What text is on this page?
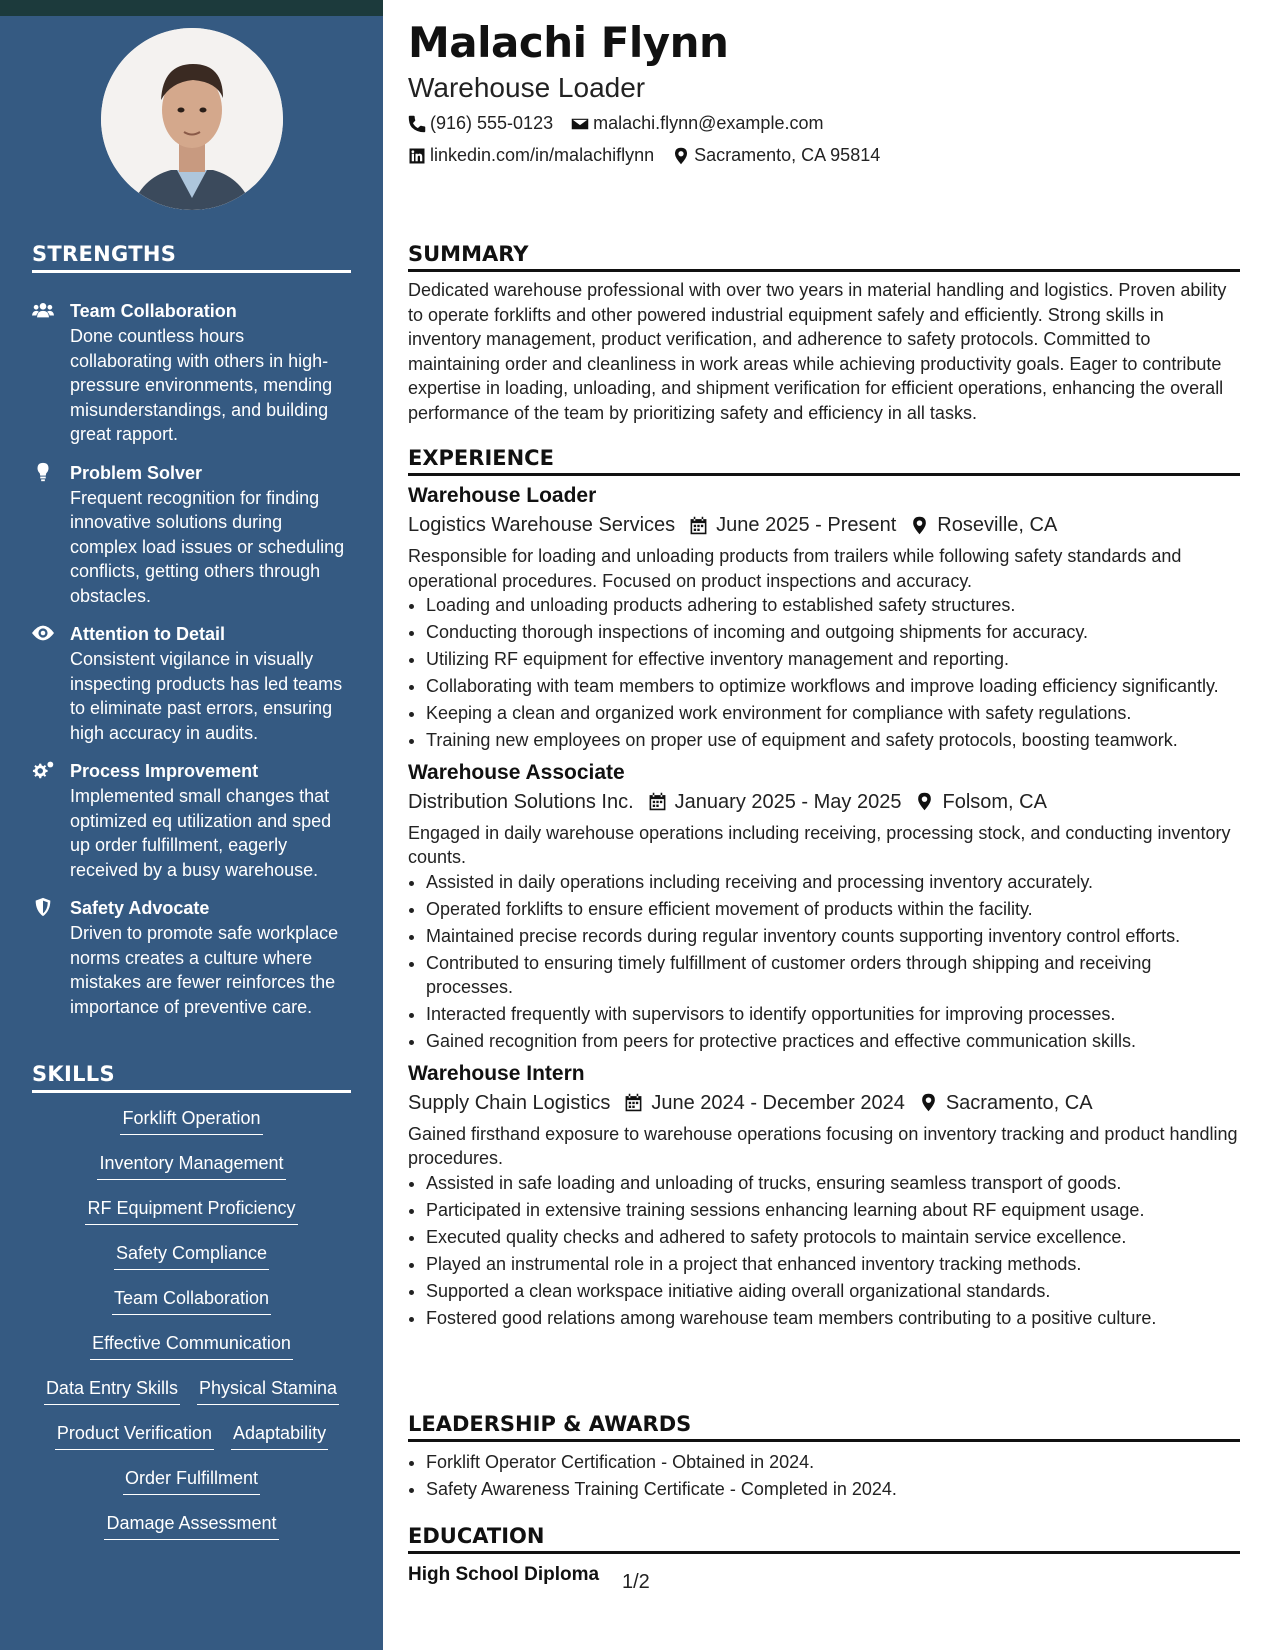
STRENGTHS
Team Collaboration
Done countless hours collaborating with others in high-pressure environments, mending misunderstandings, and building great rapport.
Problem Solver
Frequent recognition for finding innovative solutions during complex load issues or scheduling conflicts, getting others through obstacles.
Attention to Detail
Consistent vigilance in visually inspecting products has led teams to eliminate past errors, ensuring high accuracy in audits.
Process Improvement
Implemented small changes that optimized eq utilization and sped up order fulfillment, eagerly received by a busy warehouse.
Safety Advocate
Driven to promote safe workplace norms creates a culture where mistakes are fewer reinforces the importance of preventive care.
SKILLS
Forklift Operation
Inventory Management
RF Equipment Proficiency
Safety Compliance
Team Collaboration
Effective Communication
Data Entry Skills Physical Stamina
Product Verification Adaptability
Order Fulfillment
Damage Assessment
Malachi Flynn
Warehouse Loader
(916) 555-0123 malachi.flynn@example.com
linkedin.com/in/malachiflynn Sacramento, CA 95814
SUMMARY
Dedicated warehouse professional with over two years in material handling and logistics. Proven ability to operate forklifts and other powered industrial equipment safely and efficiently. Strong skills in inventory management, product verification, and adherence to safety protocols. Committed to maintaining order and cleanliness in work areas while achieving productivity goals. Eager to contribute expertise in loading, unloading, and shipment verification for efficient operations, enhancing the overall performance of the team by prioritizing safety and efficiency in all tasks.
EXPERIENCE
Warehouse Loader
Logistics Warehouse Services June 2025 - Present Roseville, CA
Responsible for loading and unloading products from trailers while following safety standards and operational procedures. Focused on product inspections and accuracy.
• Loading and unloading products adhering to established safety structures.
• Conducting thorough inspections of incoming and outgoing shipments for accuracy.
• Utilizing RF equipment for effective inventory management and reporting.
• Collaborating with team members to optimize workflows and improve loading efficiency significantly.
• Keeping a clean and organized work environment for compliance with safety regulations.
• Training new employees on proper use of equipment and safety protocols, boosting teamwork.
Warehouse Associate
Distribution Solutions Inc. January 2025 - May 2025 Folsom, CA
Engaged in daily warehouse operations including receiving, processing stock, and conducting inventory counts.
• Assisted in daily operations including receiving and processing inventory accurately.
• Operated forklifts to ensure efficient movement of products within the facility.
• Maintained precise records during regular inventory counts supporting inventory control efforts.
• Contributed to ensuring timely fulfillment of customer orders through shipping and receiving processes.
• Interacted frequently with supervisors to identify opportunities for improving processes.
• Gained recognition from peers for protective practices and effective communication skills.
Warehouse Intern
Supply Chain Logistics June 2024 - December 2024 Sacramento, CA
Gained firsthand exposure to warehouse operations focusing on inventory tracking and product handling procedures.
• Assisted in safe loading and unloading of trucks, ensuring seamless transport of goods.
• Participated in extensive training sessions enhancing learning about RF equipment usage.
• Executed quality checks and adhered to safety protocols to maintain service excellence.
• Played an instrumental role in a project that enhanced inventory tracking methods.
• Supported a clean workspace initiative aiding overall organizational standards.
• Fostered good relations among warehouse team members contributing to a positive culture.
LEADERSHIP & AWARDS
• Forklift Operator Certification - Obtained in 2024.
• Safety Awareness Training Certificate - Completed in 2024.
EDUCATION
High School Diploma	1/2
